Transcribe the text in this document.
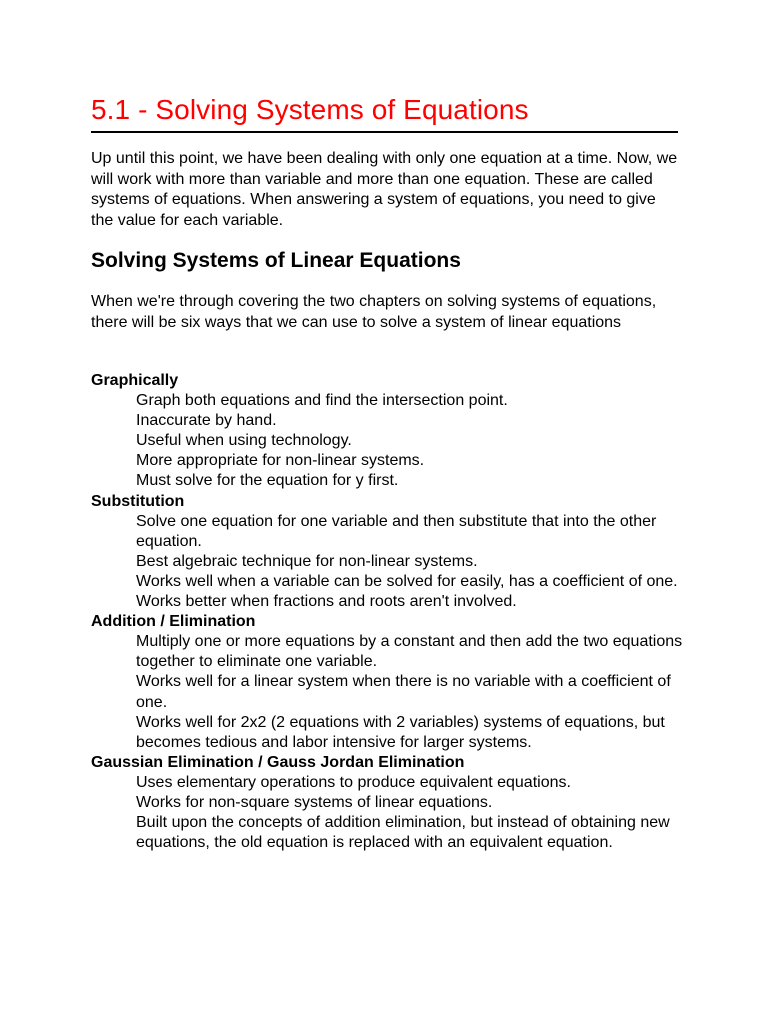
5.1 - Solving Systems of Equations

Up until this point, we have been dealing with only one equation at a time. Now, we will work with more than variable and more than one equation. These are called systems of equations. When answering a system of equations, you need to give the value for each variable.

Solving Systems of Linear Equations

When we're through covering the two chapters on solving systems of equations, there will be six ways that we can use to solve a system of linear equations

Graphically

Graph both equations and find the intersection point.
Inaccurate by hand.
Useful when using technology.
More appropriate for non-linear systems.
Must solve for the equation for y first.

Substitution

Solve one equation for one variable and then substitute that into the other equation.
Best algebraic technique for non-linear systems.
Works well when a variable can be solved for easily, has a coefficient of one.
Works better when fractions and roots aren't involved.

Addition / Elimination

Multiply one or more equations by a constant and then add the two equations together to eliminate one variable.
Works well for a linear system when there is no variable with a coefficient of one.
Works well for 2x2 (2 equations with 2 variables) systems of equations, but becomes tedious and labor intensive for larger systems.

Gaussian Elimination / Gauss Jordan Elimination

Uses elementary operations to produce equivalent equations.
Works for non-square systems of linear equations.
Built upon the concepts of addition elimination, but instead of obtaining new equations, the old equation is replaced with an equivalent equation.
